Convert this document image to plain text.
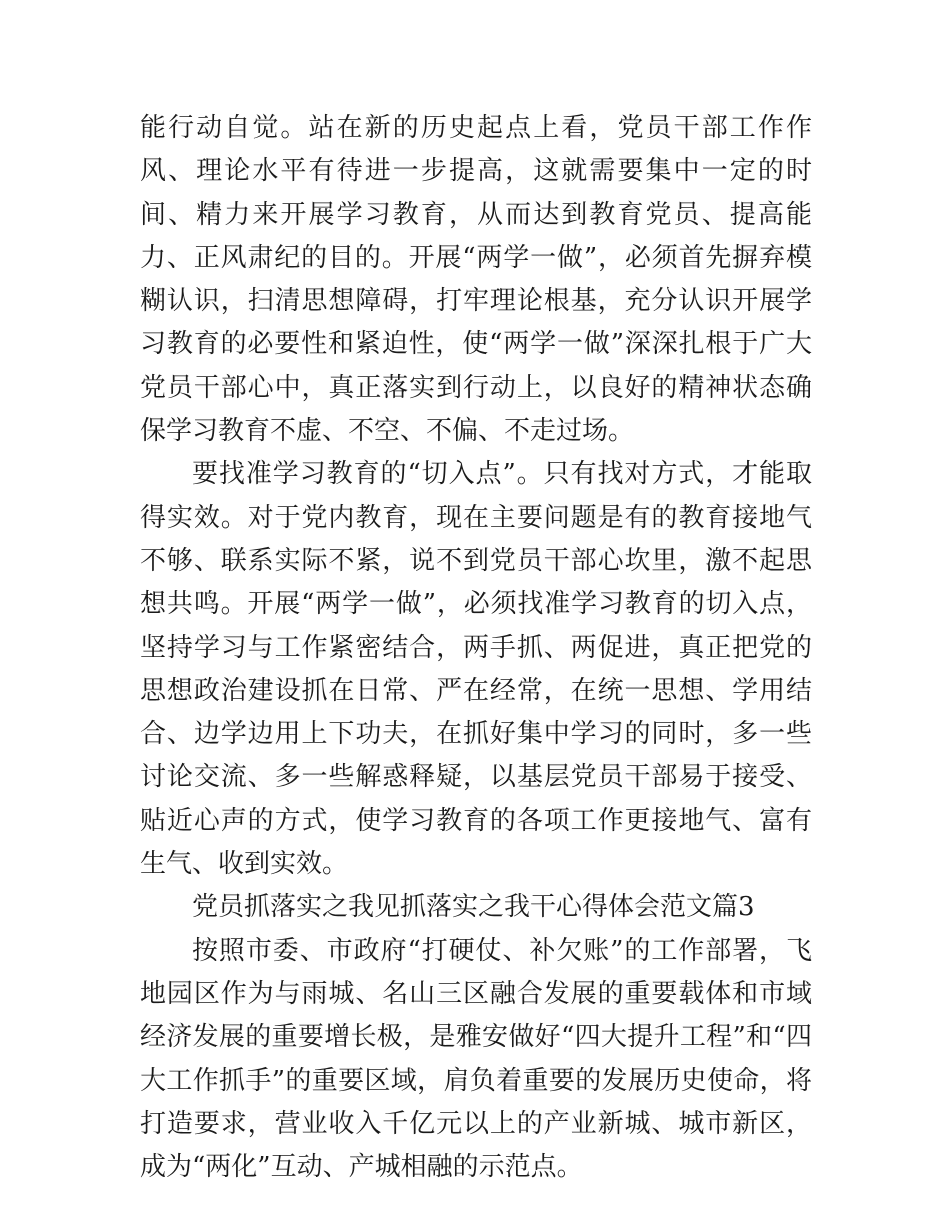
能行动自觉。站在新的历史起点上看，党员干部工作作风、理论水平有待进一步提高，这就需要集中一定的时间、精力来开展学习教育，从而达到教育党员、提高能力、正风肃纪的目的。开展“两学一做”，必须首先摒弃模糊认识，扫清思想障碍，打牢理论根基，充分认识开展学习教育的必要性和紧迫性，使“两学一做”深深扎根于广大党员干部心中，真正落实到行动上，以良好的精神状态确保学习教育不虚、不空、不偏、不走过场。

要找准学习教育的“切入点”。只有找对方式，才能取得实效。对于党内教育，现在主要问题是有的教育接地气不够、联系实际不紧，说不到党员干部心坎里，激不起思想共鸣。开展“两学一做”，必须找准学习教育的切入点，坚持学习与工作紧密结合，两手抓、两促进，真正把党的思想政治建设抓在日常、严在经常，在统一思想、学用结合、边学边用上下功夫，在抓好集中学习的同时，多一些讨论交流、多一些解惑释疑，以基层党员干部易于接受、贴近心声的方式，使学习教育的各项工作更接地气、富有生气、收到实效。

党员抓落实之我见抓落实之我干心得体会范文篇3

按照市委、市政府“打硬仗、补欠账”的工作部署，飞地园区作为与雨城、名山三区融合发展的重要载体和市域经济发展的重要增长极，是雅安做好“四大提升工程”和“四大工作抓手”的重要区域，肩负着重要的发展历史使命，将打造要求，营业收入千亿元以上的产业新城、城市新区，成为“两化”互动、产城相融的示范点。
